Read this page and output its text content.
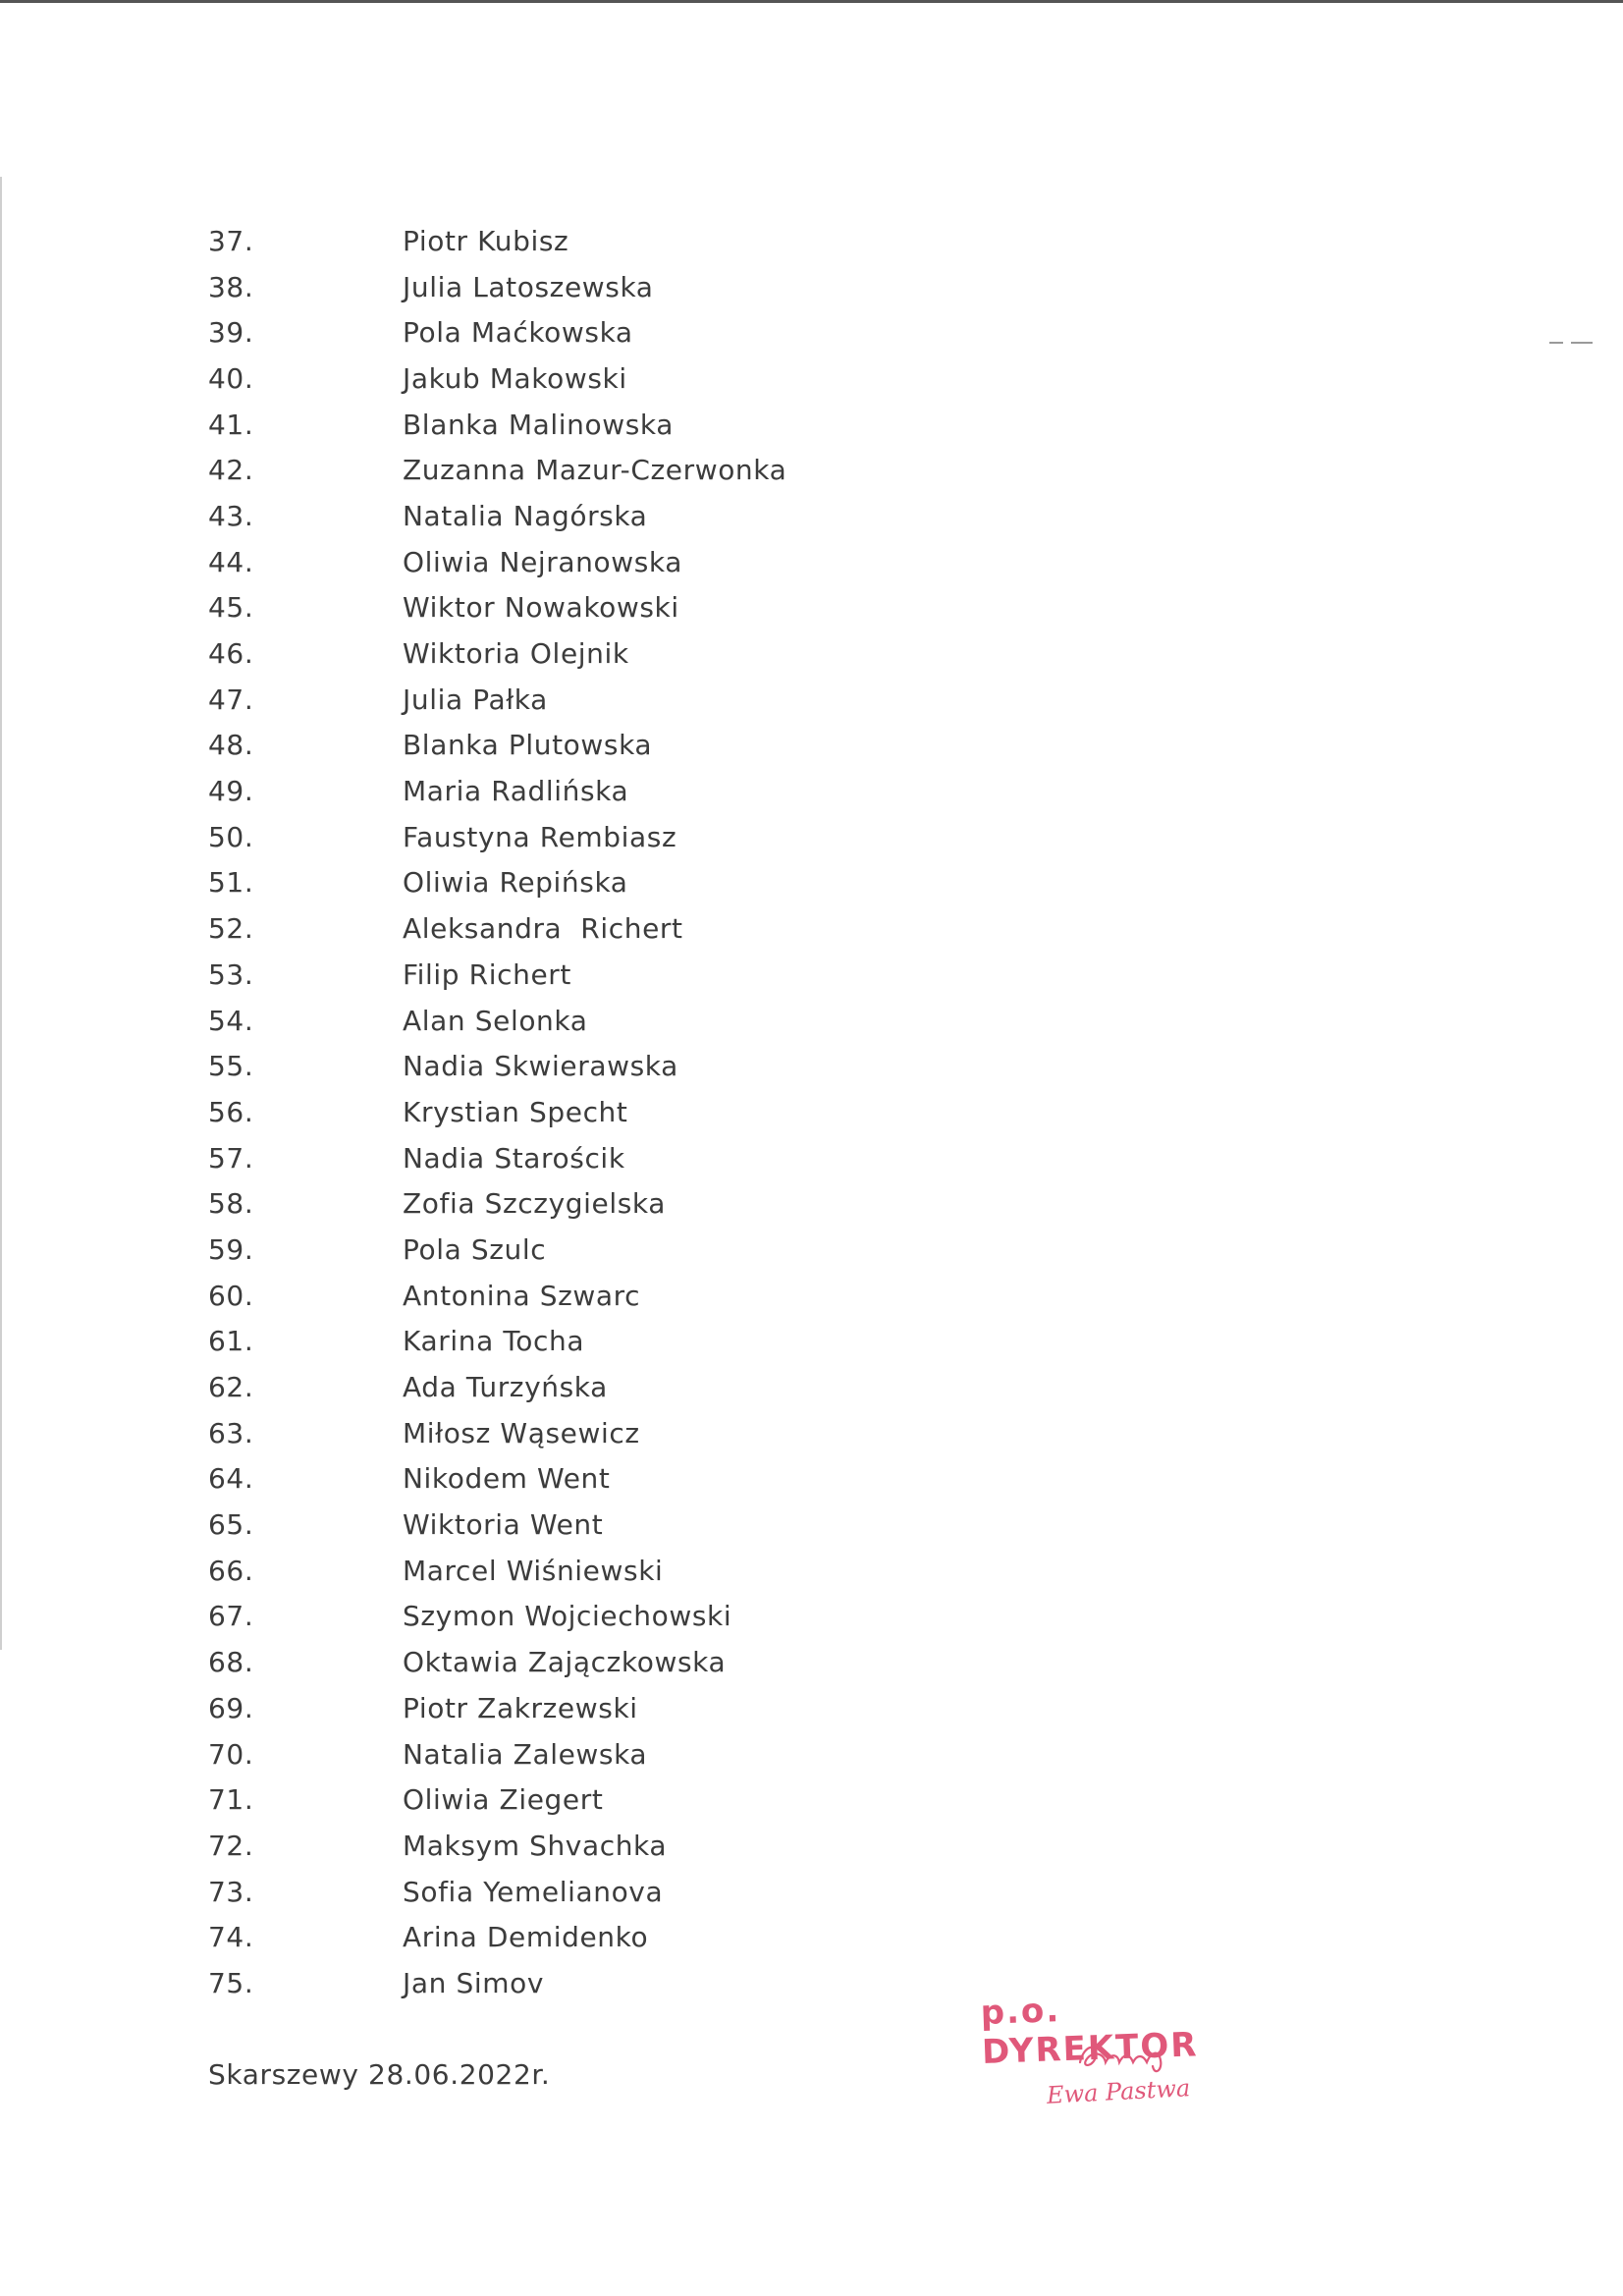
37.	Piotr Kubisz
38.	Julia Latoszewska
39.	Pola Maćkowska
40.	Jakub Makowski
41.	Blanka Malinowska
42.	Zuzanna Mazur-Czerwonka
43.	Natalia Nagórska
44.	Oliwia Nejranowska
45.	Wiktor Nowakowski
46.	Wiktoria Olejnik
47.	Julia Pałka
48.	Blanka Plutowska
49.	Maria Radlińska
50.	Faustyna Rembiasz
51.	Oliwia Repińska
52.	Aleksandra  Richert
53.	Filip Richert
54.	Alan Selonka
55.	Nadia Skwierawska
56.	Krystian Specht
57.	Nadia Starościk
58.	Zofia Szczygielska
59.	Pola Szulc
60.	Antonina Szwarc
61.	Karina Tocha
62.	Ada Turzyńska
63.	Miłosz Wąsewicz
64.	Nikodem Went
65.	Wiktoria Went
66.	Marcel Wiśniewski
67.	Szymon Wojciechowski
68.	Oktawia Zajączkowska
69.	Piotr Zakrzewski
70.	Natalia Zalewska
71.	Oliwia Ziegert
72.	Maksym Shvachka
73.	Sofia Yemelianova
74.	Arina Demidenko
75.	Jan Simov
Skarszewy 28.06.2022r.
p.o. DYREKTOR
Ewa Pastwa
